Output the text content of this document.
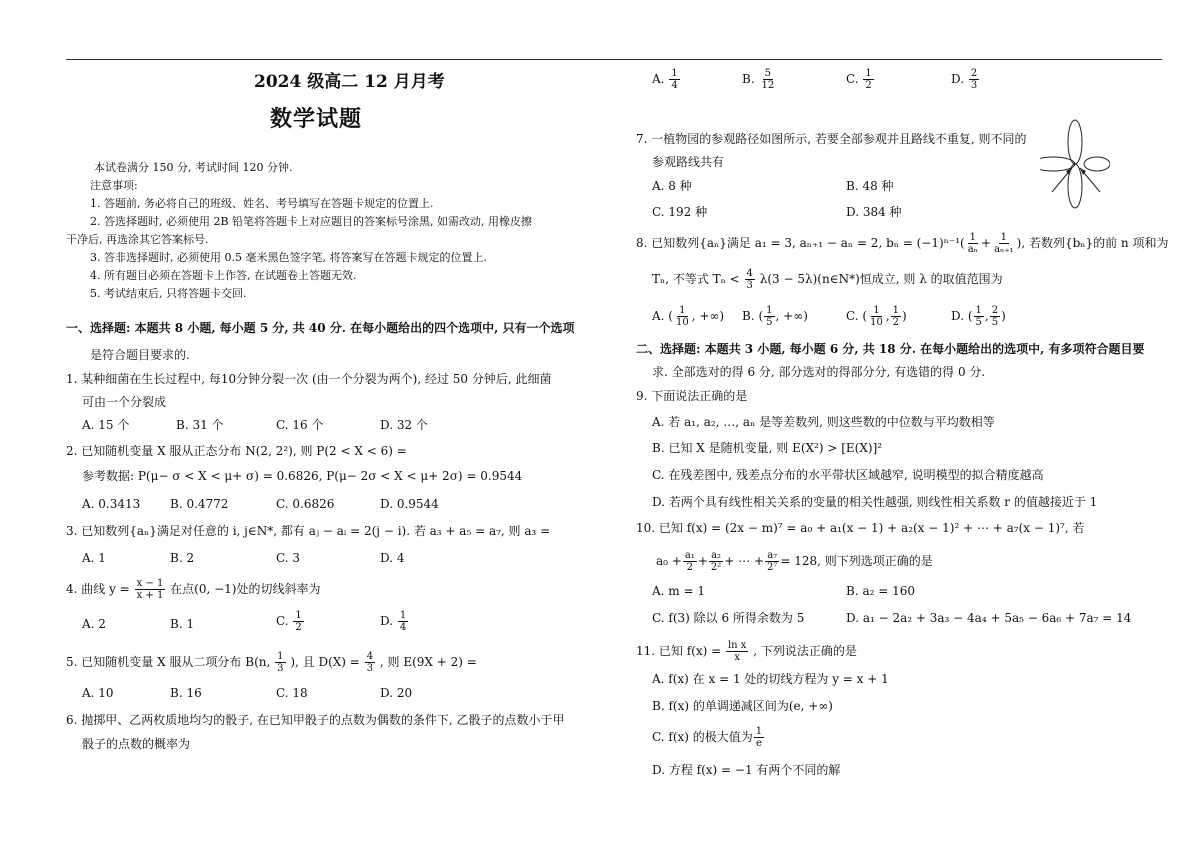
2024 级高二 12 月月考
数学试题
本试卷满分 150 分, 考试时间 120 分钟.
注意事项:
1. 答题前, 务必将自己的班级、姓名、考号填写在答题卡规定的位置上.
2. 答选择题时, 必须使用 2B 铅笔将答题卡上对应题目的答案标号涂黑, 如需改动, 用橡皮擦
干净后, 再选涂其它答案标号.
3. 答非选择题时, 必须使用 0.5 毫米黑色签字笔, 将答案写在答题卡规定的位置上.
4. 所有题目必须在答题卡上作答, 在试题卷上答题无效.
5. 考试结束后, 只将答题卡交回.
一、选择题: 本题共 8 小题, 每小题 5 分, 共 40 分. 在每小题给出的四个选项中, 只有一个选项
是符合题目要求的.
1. 某种细菌在生长过程中, 每10分钟分裂一次 (由一个分裂为两个), 经过 50 分钟后, 此细菌
可由一个分裂成
A. 15 个	B. 31 个	C. 16 个	D. 32 个
2. 已知随机变量 X 服从正态分布 N(2, 2²), 则 P(2 < X < 6) =
参考数据: P(μ− σ < X < μ+ σ) = 0.6826, P(μ− 2σ < X < μ+ 2σ) = 0.9544
A. 0.3413 B. 0.4772	C. 0.6826	D. 0.9544
3. 已知数列{aₙ}满足对任意的 i, j∈N*, 都有 aⱼ − aᵢ = 2(j − i). 若 a₃ + a₅ = a₇, 则 a₃ =
A. 1	B. 2	C. 3	D. 4
4. 曲线 $y = \frac{x - 1}{x + 1}$ 在点(0, −1)处的切线斜率为
A. 2	B. 1	C. $\frac{1}{2}$	D. $\frac{1}{4}$
5. 已知随机变量 X 服从二项分布 B(n, $\frac{1}{3}$ ), 且 $D(X) = \frac{4}{3}$ , 则 E(9X + 2) =
A. 10	B. 16	C. 18	D. 20
6. 抛掷甲、乙两枚质地均匀的骰子, 在已知甲骰子的点数为偶数的条件下, 乙骰子的点数小于甲
骰子的点数的概率为
A. $\frac{1}{4}$	B. $\frac{5}{12}$	C. $\frac{1}{2}$	D. $\frac{2}{3}$
7. 一植物园的参观路径如图所示, 若要全部参观并且路线不重复, 则不同的
参观路线共有
A. 8 种	B. 48 种
C. 192 种	D. 384 种
8. 已知数列{aₙ}满足 a₁ = 3, aₙ₊₁ − aₙ = 2, $b_n = (-1)^{n-1}( \frac{1}{\text{aₙ}} + \frac{1}{\text{aₙ₊₁}}$ ), 若数列{bₙ}的前 n 项和为
Tₙ, 不等式 $T_n < \frac{4}{3} \lambda(3$ − 5λ)(n∈N*)恒成立, 则 λ 的取值范围为
A. ( $\frac{1}{10}$ , +∞) B. ( $\frac{1}{5}$ , +∞)	C. ( $\frac{1}{10}$ , $\frac{1}{2}$ )	D. ( $\frac{1}{5}$ , $\frac{2}{5}$ )
二、选择题: 本题共 3 小题, 每小题 6 分, 共 18 分. 在每小题给出的选项中, 有多项符合题目要
求. 全部选对的得 6 分, 部分选对的得部分分, 有选错的得 0 分.
9. 下面说法正确的是
A. 若 a₁, a₂, …, aₙ 是等差数列, 则这些数的中位数与平均数相等
B. 已知 X 是随机变量, 则 E(X²) > [E(X)]²
C. 在残差图中, 残差点分布的水平带状区域越窄, 说明模型的拟合精度越高
D. 若两个具有线性相关关系的变量的相关性越强, 则线性相关系数 r 的值越接近于 1
10. 已知 f(x) = (2x − m)⁷ = a₀ + a₁(x − 1) + a₂(x − 1)² + ⋯ + a₇(x − 1)⁷, 若
$a_0 + \frac{\text{a₁}}{2} + \frac{\text{a₂}}{\text{2²}}$ + ⋯ + $\frac{\text{a₇}}{\text{2⁷}} = 128$, 则下列选项正确的是
A. m = 1	B. a₂ = 160
C. f(3) 除以 6 所得余数为 5	D. a₁ − 2a₂ + 3a₃ − 4a₄ + 5a₅ − 6a₆ + 7a₇ = 14
11. 已知 $f(x) = \frac{\text{ln x}}{x}$ , 下列说法正确的是
A. f(x) 在 x = 1 处的切线方程为 y = x + 1
B. f(x) 的单调递减区间为(e, +∞)
C. f(x) 的极大值为 $\frac{1}{e}$
D. 方程 f(x) = −1 有两个不同的解
